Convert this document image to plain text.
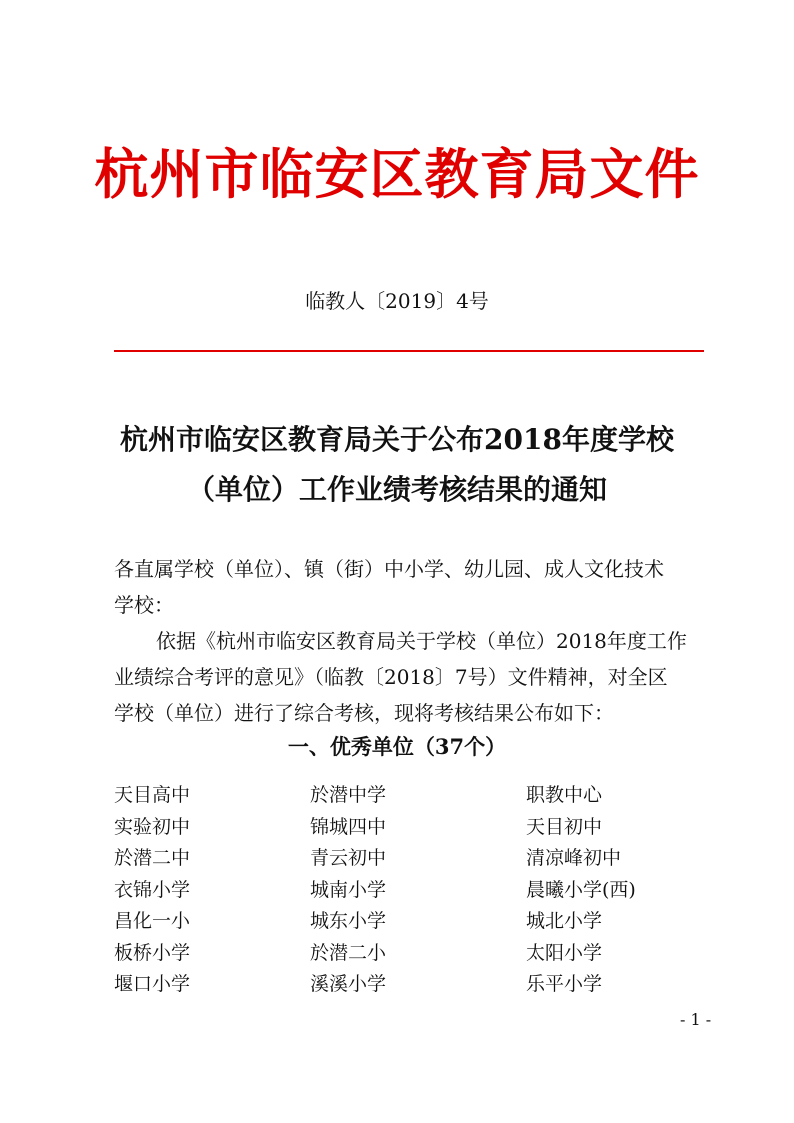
杭州市临安区教育局文件
临教人〔2019〕4号
杭州市临安区教育局关于公布2018年度学校
（单位）工作业绩考核结果的通知
各直属学校（单位）、镇（街）中小学、幼儿园、成人文化技术
学校：
依据《杭州市临安区教育局关于学校（单位）2018年度工作
业绩综合考评的意见》（临教〔2018〕7号）文件精神，对全区
学校（单位）进行了综合考核，现将考核结果公布如下：
一、优秀单位（37个）
天目高中	於潜中学	职教中心
实验初中	锦城四中	天目初中
於潜二中	青云初中	清凉峰初中
衣锦小学	城南小学	晨曦小学(西)
昌化一小	城东小学	城北小学
板桥小学	於潜二小	太阳小学
堰口小学	溪溪小学	乐平小学
- 1 -
